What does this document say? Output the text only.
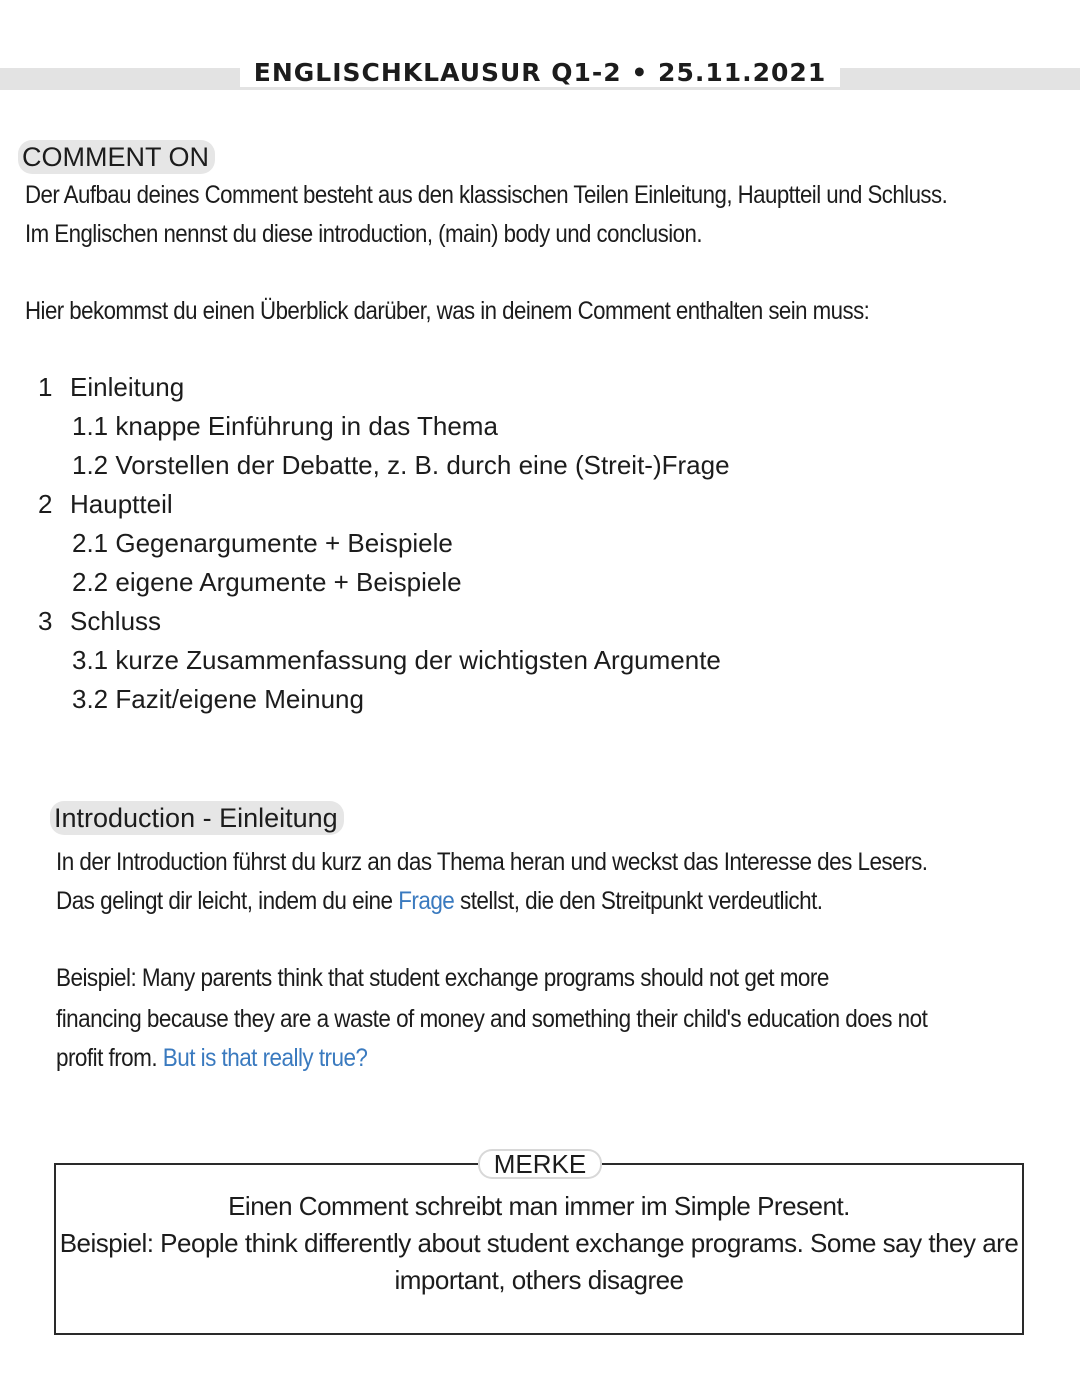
ENGLISCHKLAUSUR Q1-2 • 25.11.2021
COMMENT ON
Der Aufbau deines Comment besteht aus den klassischen Teilen Einleitung, Hauptteil und Schluss.
Im Englischen nennst du diese introduction, (main) body und conclusion.
Hier bekommst du einen Überblick darüber, was in deinem Comment enthalten sein muss:
1 Einleitung
1.1 knappe Einführung in das Thema
1.2 Vorstellen der Debatte, z. B. durch eine (Streit-)Frage
2 Hauptteil
2.1 Gegenargumente + Beispiele
2.2 eigene Argumente + Beispiele
3 Schluss
3.1 kurze Zusammenfassung der wichtigsten Argumente
3.2 Fazit/eigene Meinung
Introduction - Einleitung
In der Introduction führst du kurz an das Thema heran und weckst das Interesse des Lesers.
Das gelingt dir leicht, indem du eine Frage stellst, die den Streitpunkt verdeutlicht.
Beispiel: Many parents think that student exchange programs should not get more
financing because they are a waste of money and something their child's education does not
profit from. But is that really true?
MERKE
Einen Comment schreibt man immer im Simple Present.
Beispiel: People think differently about student exchange programs. Some say they are
important, others disagree
